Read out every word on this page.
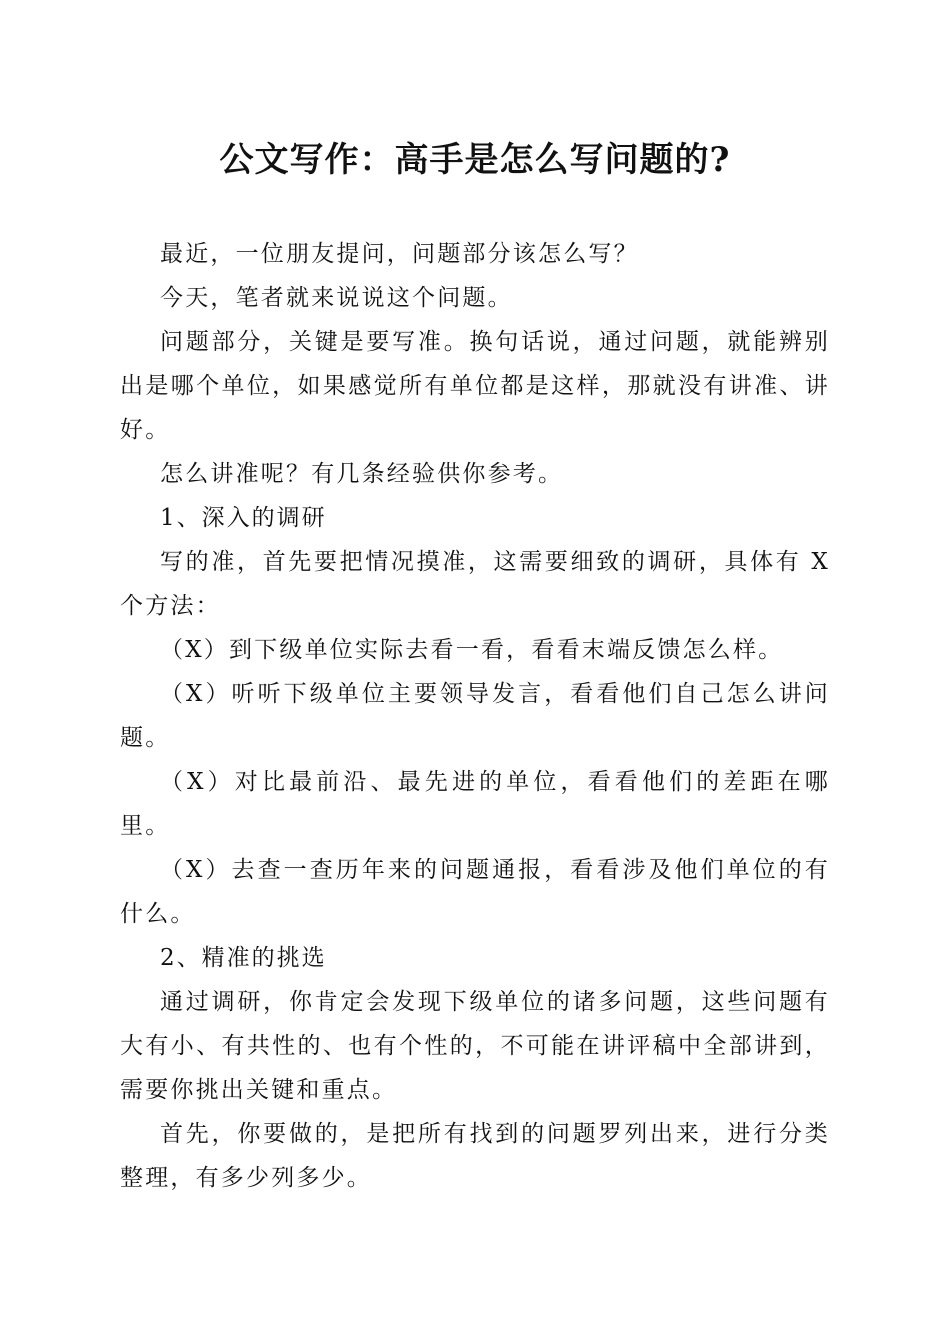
公文写作：高手是怎么写问题的?

最近，一位朋友提问，问题部分该怎么写？

今天，笔者就来说说这个问题。

问题部分，关键是要写准。换句话说，通过问题，就能辨别出是哪个单位，如果感觉所有单位都是这样，那就没有讲准、讲好。

怎么讲准呢？有几条经验供你参考。

1、深入的调研

写的准，首先要把情况摸准，这需要细致的调研，具体有 X 个方法：

（X）到下级单位实际去看一看，看看末端反馈怎么样。

（X）听听下级单位主要领导发言，看看他们自己怎么讲问题。

（X）对比最前沿、最先进的单位，看看他们的差距在哪里。

（X）去查一查历年来的问题通报，看看涉及他们单位的有什么。

2、精准的挑选

通过调研，你肯定会发现下级单位的诸多问题，这些问题有大有小、有共性的、也有个性的，不可能在讲评稿中全部讲到，需要你挑出关键和重点。

首先，你要做的，是把所有找到的问题罗列出来，进行分类整理，有多少列多少。
